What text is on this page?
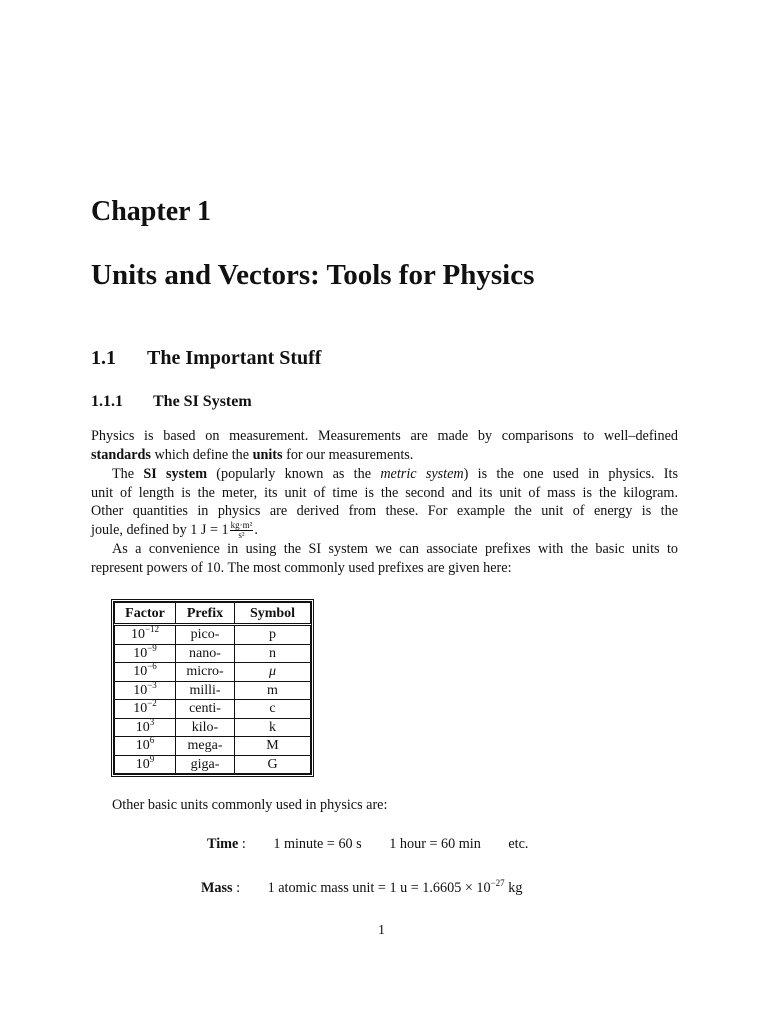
Chapter 1
Units and Vectors: Tools for Physics
1.1 The Important Stuff
1.1.1 The SI System
Physics is based on measurement. Measurements are made by comparisons to well–defined
standards which define the units for our measurements.
The SI system (popularly known as the metric system) is the one used in physics. Its
unit of length is the meter, its unit of time is the second and its unit of mass is the kilogram.
Other quantities in physics are derived from these. For example the unit of energy is the
joule, defined by 1 $J = 1 \frac{\text{kg·m²}}{\text{s²}}$ .
As a convenience in using the SI system we can associate prefixes with the basic units to
represent powers of 10. The most commonly used prefixes are given here:
Factor	Prefix	Symbol
$10^{-12}$	pico-	p
$10^{-9}$	nano-	n
$10^{-6}$	micro-	μ
$10^{-3}$	milli-	m
$10^{-2}$	centi-	c
$10^3$	kilo-	k
$10^6$	mega-	M
$10^9$	giga-	G
Other basic units commonly used in physics are:
Time : 1 minute = 60 s 1 hour = 60 min etc.
Mass : 1 atomic mass unit = 1 $u = 1.6605 \times 10^{-27}$ kg
1
